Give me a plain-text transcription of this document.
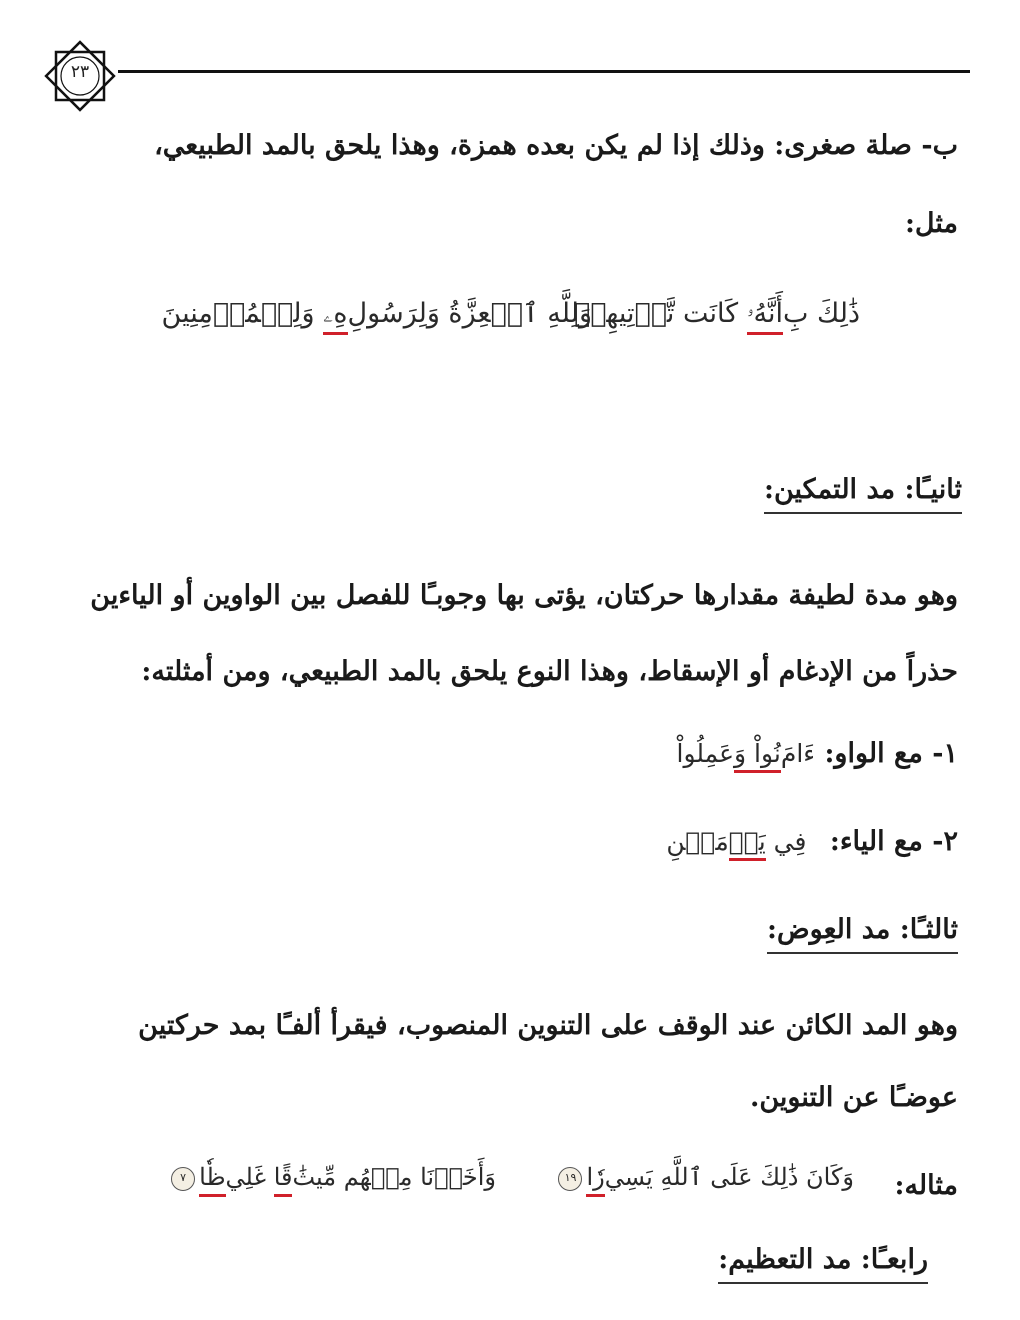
٢٣
ب- صلة صغرى: وذلك إذا لم يكن بعده همزة، وهذا يلحق بالمد الطبيعي،
مثل:
ذَٰلِكَ بِأَنَّهُۥ كَانَت تَّأۡتِيهِمۡ
وَلِلَّهِ ٱلۡعِزَّةُ وَلِرَسُولِهِۦ وَلِلۡمُؤۡمِنِينَ
ثانيـًا: مد التمكين:
وهو مدة لطيفة مقدارها حركتان، يؤتى بها وجوبـًا للفصل بين الواوين أو الياءين
حذراً من الإدغام أو الإسقاط، وهذا النوع يلحق بالمد الطبيعي، ومن أمثلته:
١- مع الواو: ءَامَنُواْ وَعَمِلُواْ
٢- مع الياء: فِي يَوۡمَيۡنِ
ثالثـًا: مد العِوض:
وهو المد الكائن عند الوقف على التنوين المنصوب، فيقرأ ألفـًا بمد حركتين
عوضـًا عن التنوين.
مثاله:
وَكَانَ ذَٰلِكَ عَلَى ٱللَّهِ يَسِيرٗا١٩
وَأَخَذۡنَا مِنۡهُم مِّيثَٰقًا غَلِيظٗا٧
رابعـًا: مد التعظيم:
